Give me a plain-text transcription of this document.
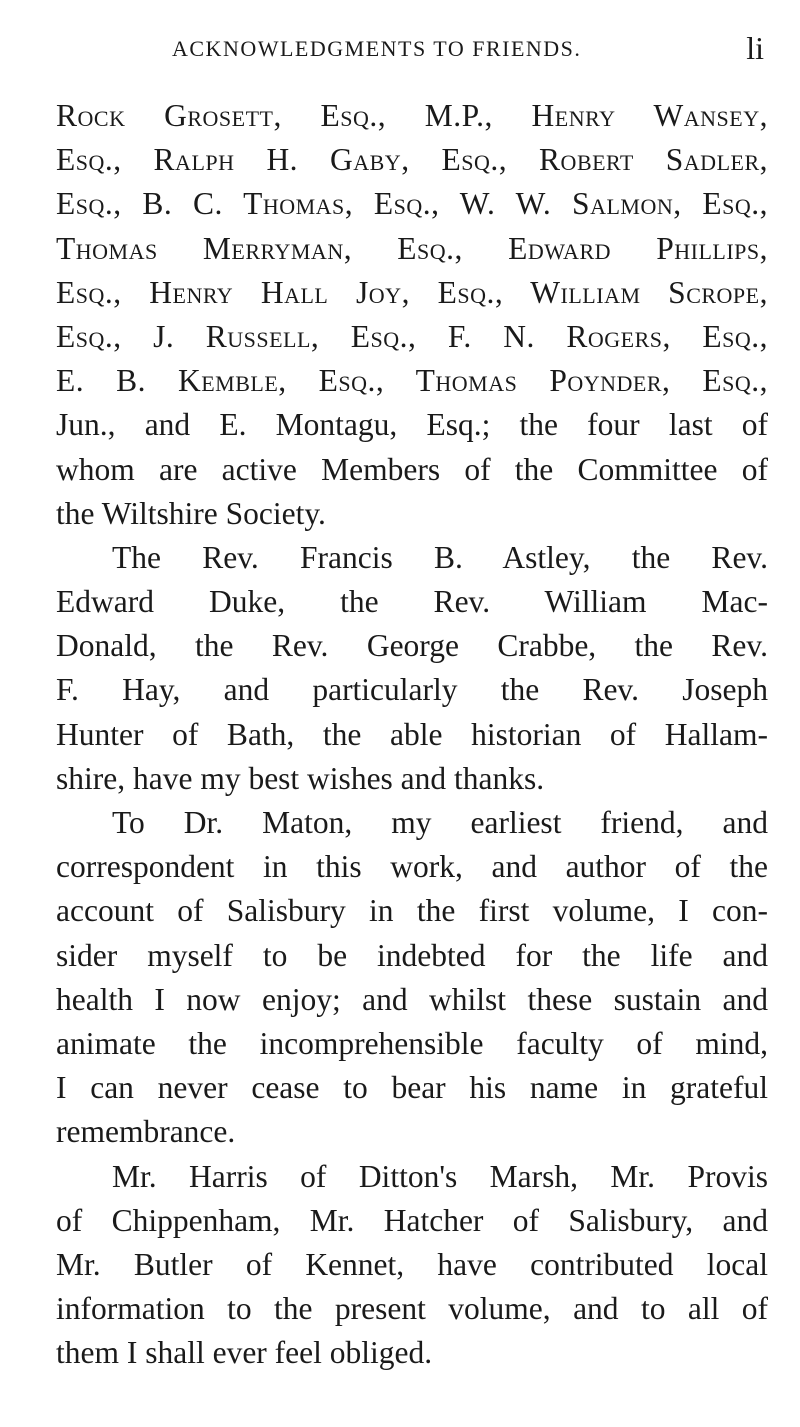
ACKNOWLEDGMENTS TO FRIENDS.	li
Rock Grosett, Esq., M.P., Henry Wansey,
Esq., Ralph H. Gaby, Esq., Robert Sadler,
Esq., B. C. Thomas, Esq., W. W. Salmon, Esq.,
Thomas Merryman, Esq., Edward Phillips,
Esq., Henry Hall Joy, Esq., William Scrope,
Esq., J. Russell, Esq., F. N. Rogers, Esq.,
E. B. Kemble, Esq., Thomas Poynder, Esq.,
Jun., and E. Montagu, Esq.; the four last of
whom are active Members of the Committee of
the Wiltshire Society.
The Rev. Francis B. Astley, the Rev.
Edward Duke, the Rev. William Mac-
Donald, the Rev. George Crabbe, the Rev.
F. Hay, and particularly the Rev. Joseph
Hunter of Bath, the able historian of Hallam-
shire, have my best wishes and thanks.
To Dr. Maton, my earliest friend, and
correspondent in this work, and author of the
account of Salisbury in the first volume, I con-
sider myself to be indebted for the life and
health I now enjoy; and whilst these sustain and
animate the incomprehensible faculty of mind,
I can never cease to bear his name in grateful
remembrance.
Mr. Harris of Ditton's Marsh, Mr. Provis
of Chippenham, Mr. Hatcher of Salisbury, and
Mr. Butler of Kennet, have contributed local
information to the present volume, and to all of
them I shall ever feel obliged.
